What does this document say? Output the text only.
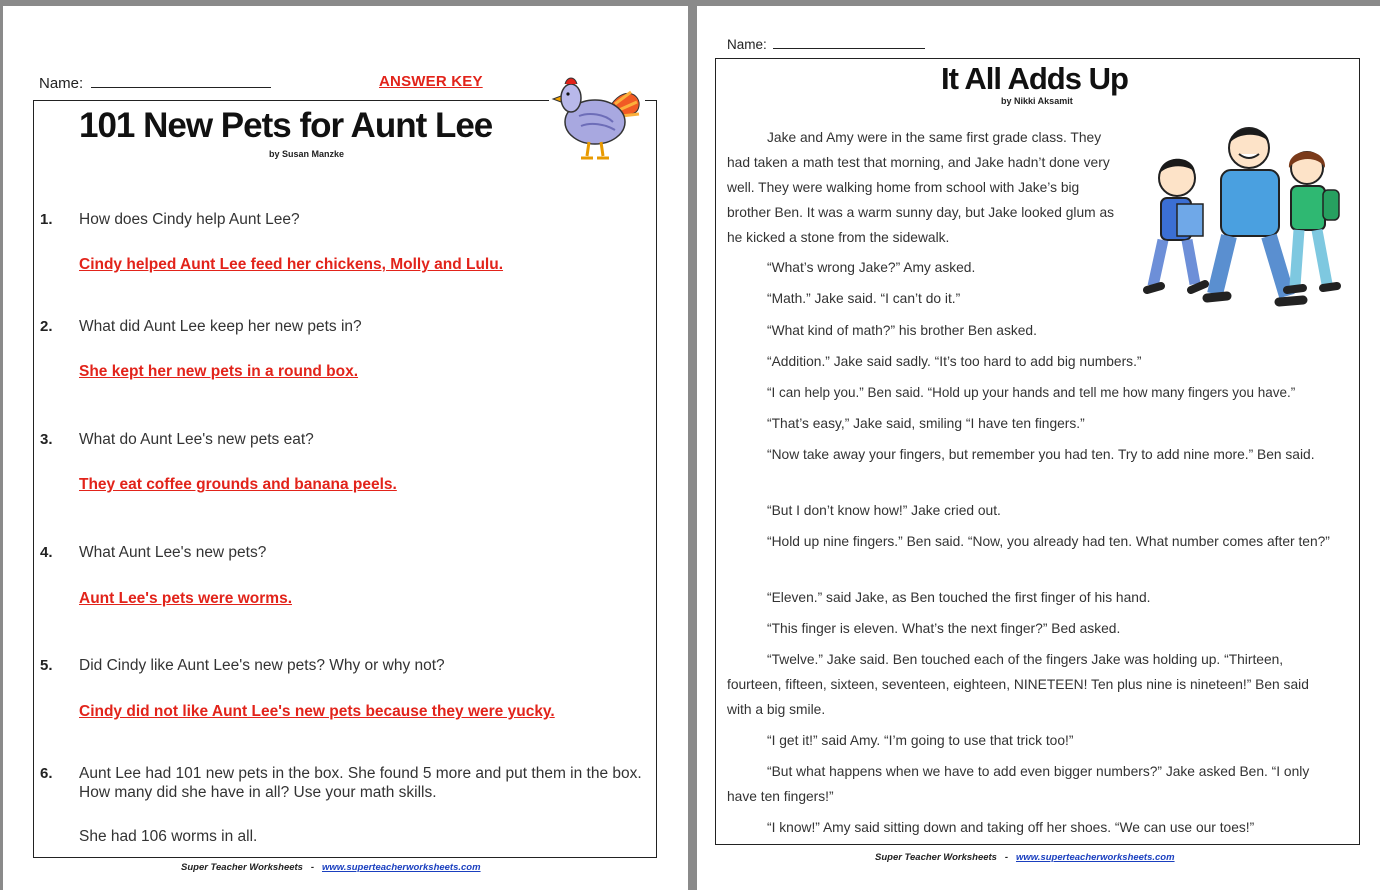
Name:	ANSWER KEY
101 New Pets for Aunt Lee
by Susan Manzke
1. How does Cindy help Aunt Lee?
Cindy helped Aunt Lee feed her chickens, Molly and Lulu.
2. What did Aunt Lee keep her new pets in?
She kept her new pets in a round box.
3. What do Aunt Lee's new pets eat?
They eat coffee grounds and banana peels.
4. What Aunt Lee's new pets?
Aunt Lee's pets were worms.
5. Did Cindy like Aunt Lee's new pets? Why or why not?
Cindy did not like Aunt Lee's new pets because they were yucky.
6. Aunt Lee had 101 new pets in the box. She found 5 more and put them in the box. How many did she have in all? Use your math skills.
She had 106 worms in all.
Super Teacher Worksheets - www.superteacherworksheets.com
Name:
It All Adds Up
by Nikki Aksamit

Jake and Amy were in the same first grade class. They had taken a math test that morning, and Jake hadn’t done very well. They were walking home from school with Jake’s big brother Ben. It was a warm sunny day, but Jake looked glum as he kicked a stone from the sidewalk.

“What’s wrong Jake?” Amy asked.

“Math.” Jake said. “I can’t do it.”

“What kind of math?” his brother Ben asked.

“Addition.” Jake said sadly. “It’s too hard to add big numbers.”

“I can help you.” Ben said. “Hold up your hands and tell me how many fingers you have.”

“That’s easy,” Jake said, smiling “I have ten fingers.”

“Now take away your fingers, but remember you had ten. Try to add nine more.” Ben said.

“But I don’t know how!” Jake cried out.

“Hold up nine fingers.” Ben said. “Now, you already had ten. What number comes after ten?”

“Eleven.” said Jake, as Ben touched the first finger of his hand.

“This finger is eleven. What’s the next finger?” Bed asked.

“Twelve.” Jake said. Ben touched each of the fingers Jake was holding up. “Thirteen, fourteen, fifteen, sixteen, seventeen, eighteen, NINETEEN! Ten plus nine is nineteen!” Ben said with a big smile.

“I get it!” said Amy. “I’m going to use that trick too!”

“But what happens when we have to add even bigger numbers?” Jake asked Ben. “I only have ten fingers!”

“I know!” Amy said sitting down and taking off her shoes. “We can use our toes!”

Super Teacher Worksheets - www.superteacherworksheets.com
